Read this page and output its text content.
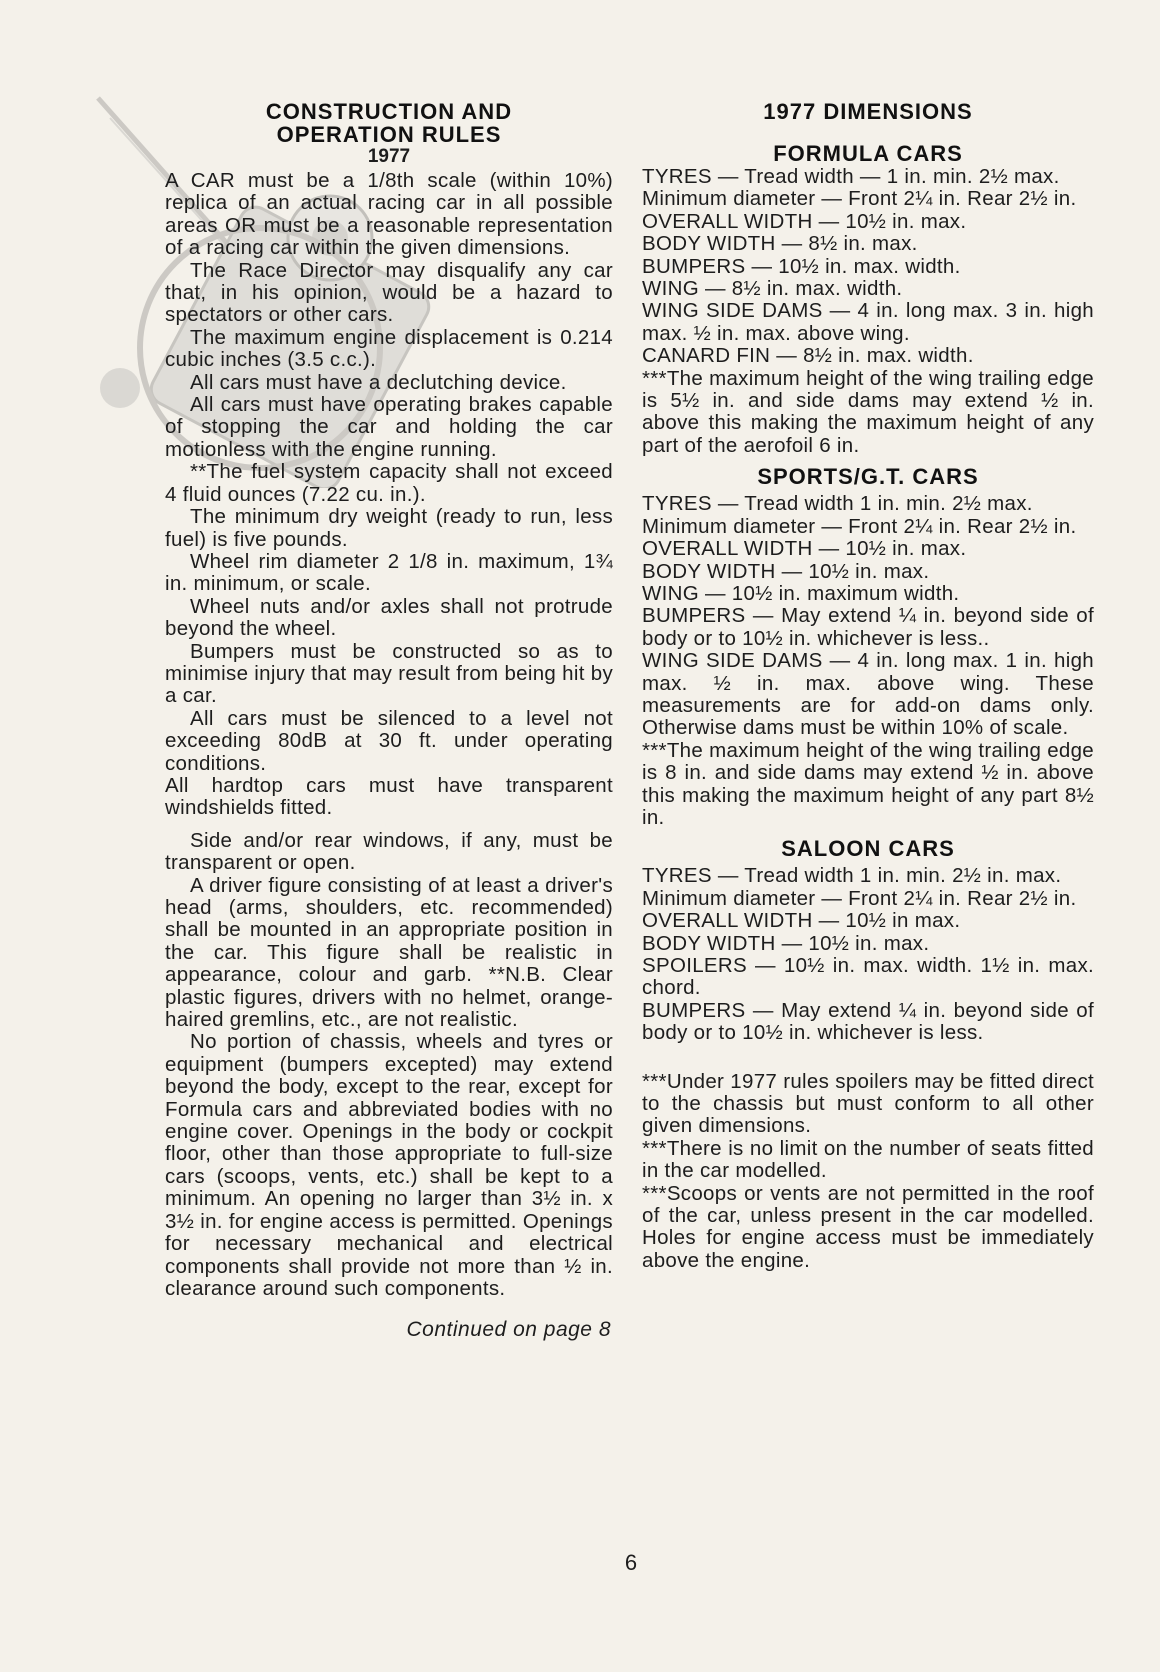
CONSTRUCTION AND
OPERATION RULES
1977

A CAR must be a 1/8th scale (within 10%) replica of an actual racing car in all possible areas OR must be a reasonable representation of a racing car within the given dimensions.

The Race Director may disqualify any car that, in his opinion, would be a hazard to spectators or other cars.

The maximum engine displacement is 0.214 cubic inches (3.5 c.c.).

All cars must have a declutching device.

All cars must have operating brakes capable of stopping the car and holding the car motionless with the engine running.

**The fuel system capacity shall not exceed 4 fluid ounces (7.22 cu. in.).

The minimum dry weight (ready to run, less fuel) is five pounds.

Wheel rim diameter 2 1/8 in. maximum, 1¾ in. minimum, or scale.

Wheel nuts and/or axles shall not protrude beyond the wheel.

Bumpers must be constructed so as to minimise injury that may result from being hit by a car.

All cars must be silenced to a level not exceeding 80dB at 30 ft. under operating conditions.

All hardtop cars must have transparent windshields fitted.

Side and/or rear windows, if any, must be transparent or open.

A driver figure consisting of at least a driver's head (arms, shoulders, etc. recommended) shall be mounted in an appropriate position in the car. This figure shall be realistic in appearance, colour and garb. **N.B. Clear plastic figures, drivers with no helmet, orange-haired gremlins, etc., are not realistic.

No portion of chassis, wheels and tyres or equipment (bumpers excepted) may extend beyond the body, except to the rear, except for Formula cars and abbreviated bodies with no engine cover. Openings in the body or cockpit floor, other than those appropriate to full-size cars (scoops, vents, etc.) shall be kept to a minimum. An opening no larger than 3½ in. x 3½ in. for engine access is permitted. Openings for necessary mechanical and electrical components shall provide not more than ½ in. clearance around such components.

Continued on page 8
1977 DIMENSIONS
FORMULA CARS

TYRES — Tread width — 1 in. min. 2½ max.

Minimum diameter — Front 2¼ in. Rear 2½ in.

OVERALL WIDTH — 10½ in. max.

BODY WIDTH — 8½ in. max.

BUMPERS — 10½ in. max. width.

WING — 8½ in. max. width.

WING SIDE DAMS — 4 in. long max. 3 in. high max. ½ in. max. above wing.

CANARD FIN — 8½ in. max. width.

***The maximum height of the wing trailing edge is 5½ in. and side dams may extend ½ in. above this making the maximum height of any part of the aerofoil 6 in.

SPORTS/G.T. CARS

TYRES — Tread width 1 in. min. 2½ max.

Minimum diameter — Front 2¼ in. Rear 2½ in.

OVERALL WIDTH — 10½ in. max.

BODY WIDTH — 10½ in. max.

WING — 10½ in. maximum width.

BUMPERS — May extend ¼ in. beyond side of body or to 10½ in. whichever is less..

WING SIDE DAMS — 4 in. long max. 1 in. high max. ½ in. max. above wing. These measurements are for add-on dams only. Otherwise dams must be within 10% of scale.

***The maximum height of the wing trailing edge is 8 in. and side dams may extend ½ in. above this making the maximum height of any part 8½ in.

SALOON CARS

TYRES — Tread width 1 in. min. 2½ in. max.

Minimum diameter — Front 2¼ in. Rear 2½ in.

OVERALL WIDTH — 10½ in max.

BODY WIDTH — 10½ in. max.

SPOILERS — 10½ in. max. width. 1½ in. max. chord.

BUMPERS — May extend ¼ in. beyond side of body or to 10½ in. whichever is less.

***Under 1977 rules spoilers may be fitted direct to the chassis but must conform to all other given dimensions.

***There is no limit on the number of seats fitted in the car modelled.

***Scoops or vents are not permitted in the roof of the car, unless present in the car modelled. Holes for engine access must be immediately above the engine.

6
